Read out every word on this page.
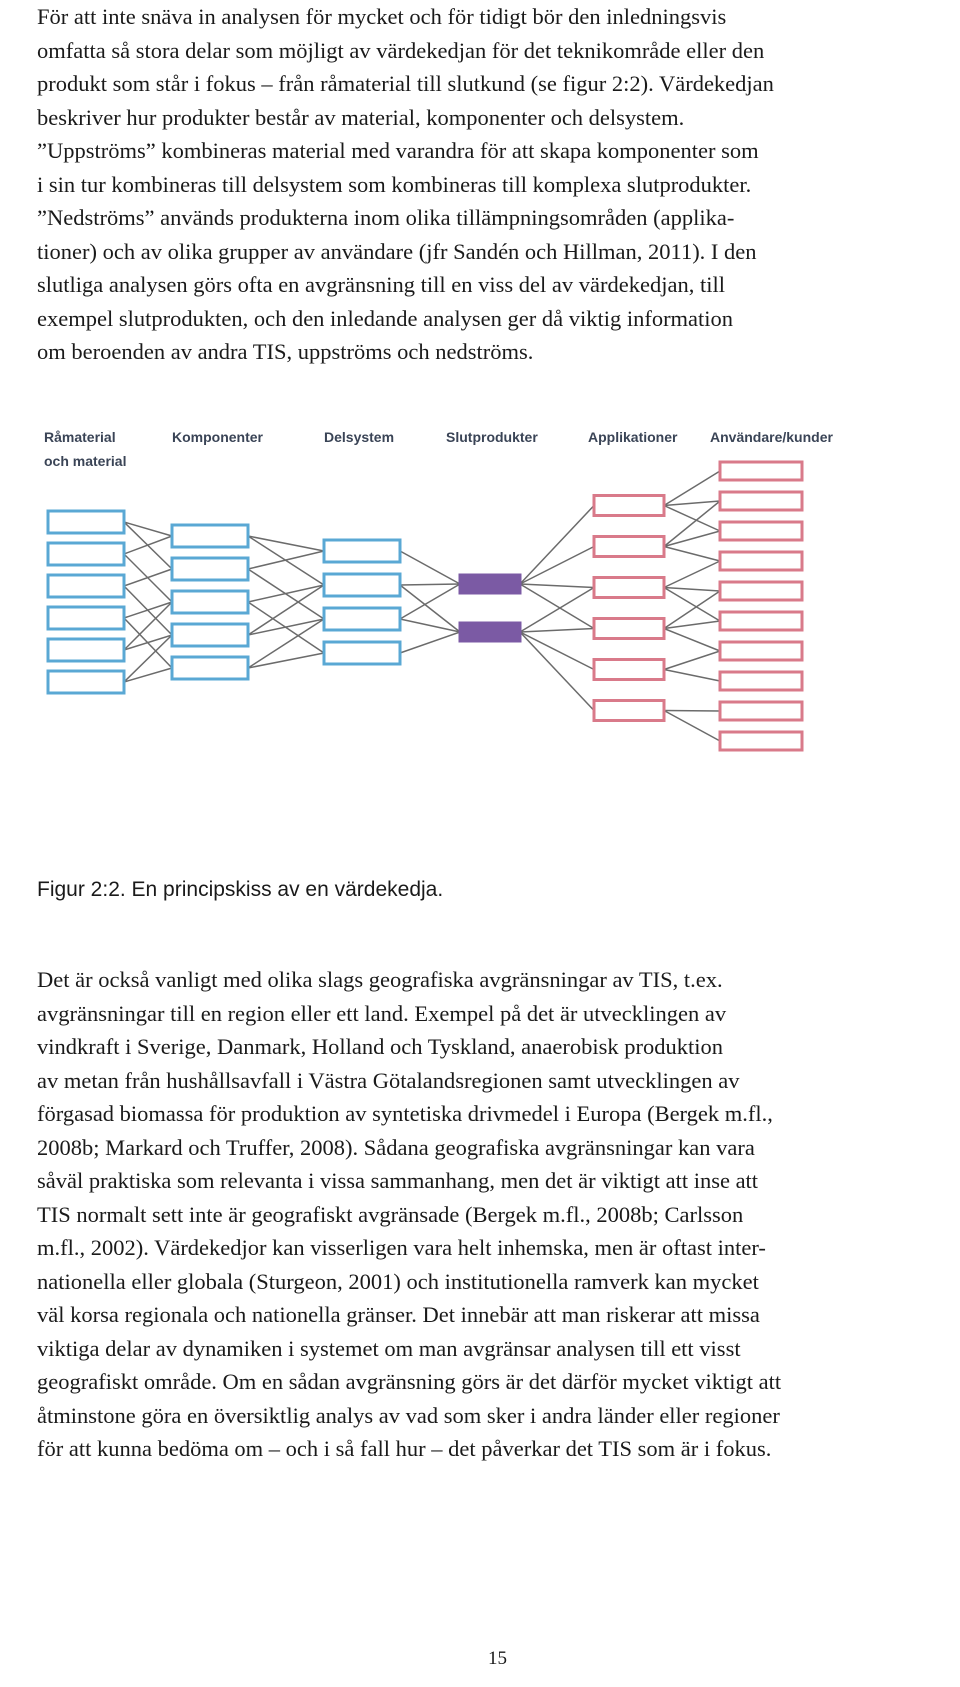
För att inte snäva in analysen för mycket och för tidigt bör den inledningsvis
omfatta så stora delar som möjligt av värdekedjan för det teknikområde eller den
produkt som står i fokus – från råmaterial till slutkund (se figur 2:2). Värdekedjan
beskriver hur produkter består av material, komponenter och delsystem.
”Uppströms” kombineras material med varandra för att skapa komponenter som
i sin tur kombineras till delsystem som kombineras till komplexa slutprodukter.
”Nedströms” används produkterna inom olika tillämpningsområden (applika-
tioner) och av olika grupper av användare (jfr Sandén och Hillman, 2011). I den
slutliga analysen görs ofta en avgränsning till en viss del av värdekedjan, till
exempel slutprodukten, och den inledande analysen ger då viktig information
om beroenden av andra TIS, uppströms och nedströms.

Råmaterial
och material
Komponenter	Delsystem	Slutprodukter	Applikationer Användare/kunder
Figur 2:2. En principskiss av en värdekedja.

Det är också vanligt med olika slags geografiska avgränsningar av TIS, t.ex.
avgränsningar till en region eller ett land. Exempel på det är utvecklingen av
vindkraft i Sverige, Danmark, Holland och Tyskland, anaerobisk produktion
av metan från hushållsavfall i Västra Götalandsregionen samt utvecklingen av
förgasad biomassa för produktion av syntetiska drivmedel i Europa (Bergek m.fl.,
2008b; Markard och Truffer, 2008). Sådana geografiska avgränsningar kan vara
såväl praktiska som relevanta i vissa sammanhang, men det är viktigt att inse att
TIS normalt sett inte är geografiskt avgränsade (Bergek m.fl., 2008b; Carlsson
m.fl., 2002). Värdekedjor kan visserligen vara helt inhemska, men är oftast inter-
nationella eller globala (Sturgeon, 2001) och institutionella ramverk kan mycket
väl korsa regionala och nationella gränser. Det innebär att man riskerar att missa
viktiga delar av dynamiken i systemet om man avgränsar analysen till ett visst
geografiskt område. Om en sådan avgränsning görs är det därför mycket viktigt att
åtminstone göra en översiktlig analys av vad som sker i andra länder eller regioner
för att kunna bedöma om – och i så fall hur – det påverkar det TIS som är i fokus.

15
